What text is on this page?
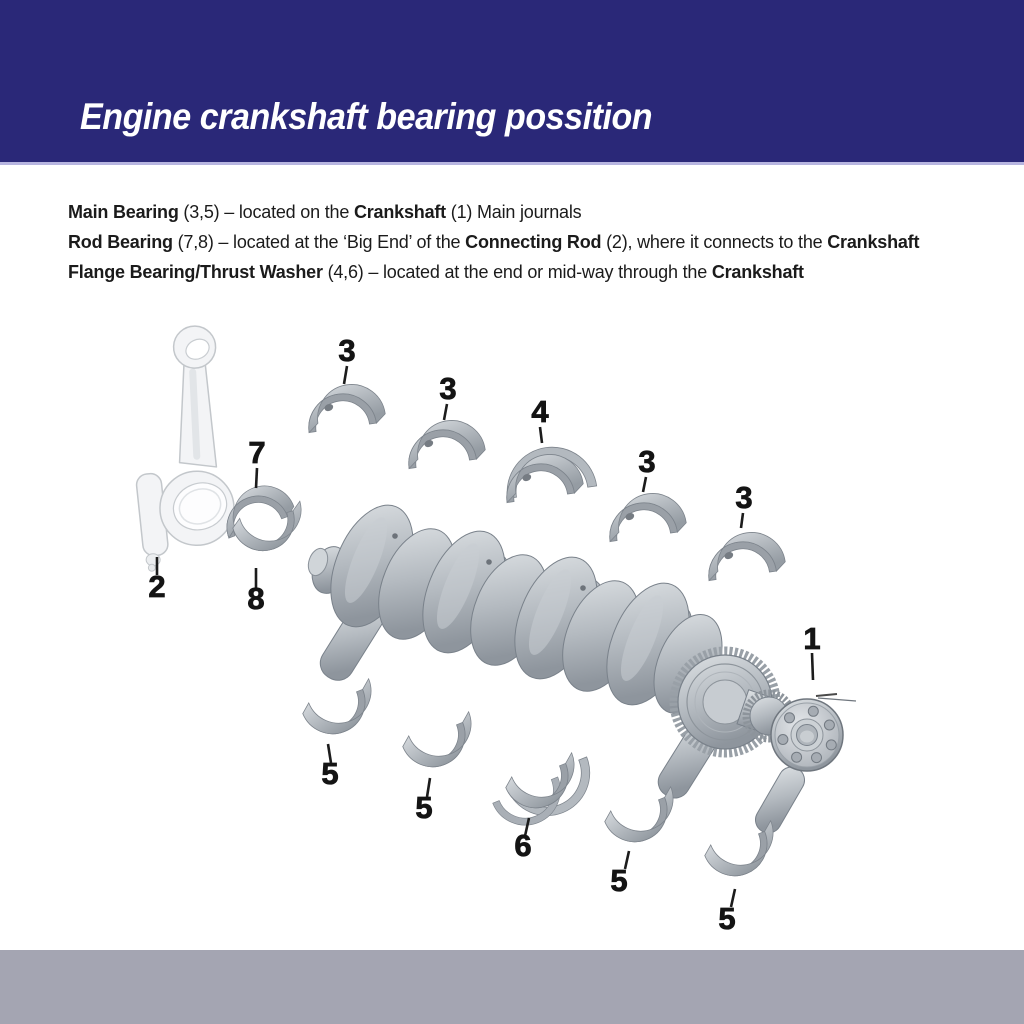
Engine crankshaft bearing possition

Main Bearing (3,5) – located on the Crankshaft (1) Main journals

Rod Bearing (7,8) – located at the ‘Big End’ of the Connecting Rod (2), where it connects to the Crankshaft

Flange Bearing/Thrust Washer (4,6) – located at the end or mid-way through the Crankshaft

1
2
3
3
3
3
4
5
5
5
5
6
7
8
